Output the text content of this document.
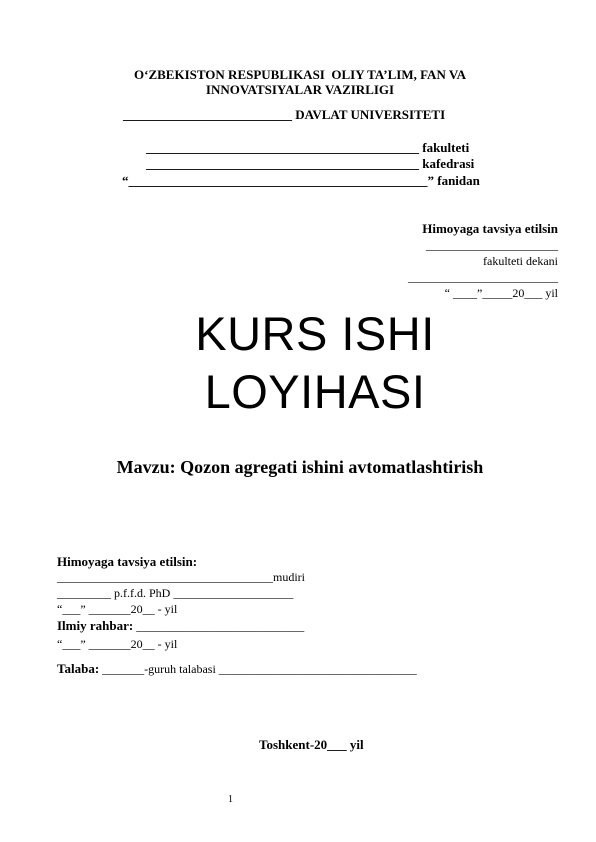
O‘ZBEKISTON RESPUBLIKASI  OLIY TA’LIM, FAN VA
INNOVATSIYALAR VAZIRLIGI
__________________________ DAVLAT UNIVERSITETI
__________________________________________ fakulteti
__________________________________________ kafedrasi
“______________________________________________” fanidan
Himoyaga tavsiya etilsin
______________________
fakulteti dekani
_________________________
“ ____”_____20___ yil
KURS ISHI
LOYIHASI
Mavzu: Qozon agregati ishini avtomatlashtirish
Himoyaga tavsiya etilsin:
____________________________________mudiri
_________ p.f.f.d. PhD ____________________
“___” _______20__ - yil
Ilmiy rahbar: ____________________________
“___” _______20__ - yil
Talaba: _______-guruh talabasi _________________________________
Toshkent-20___ yil
1
